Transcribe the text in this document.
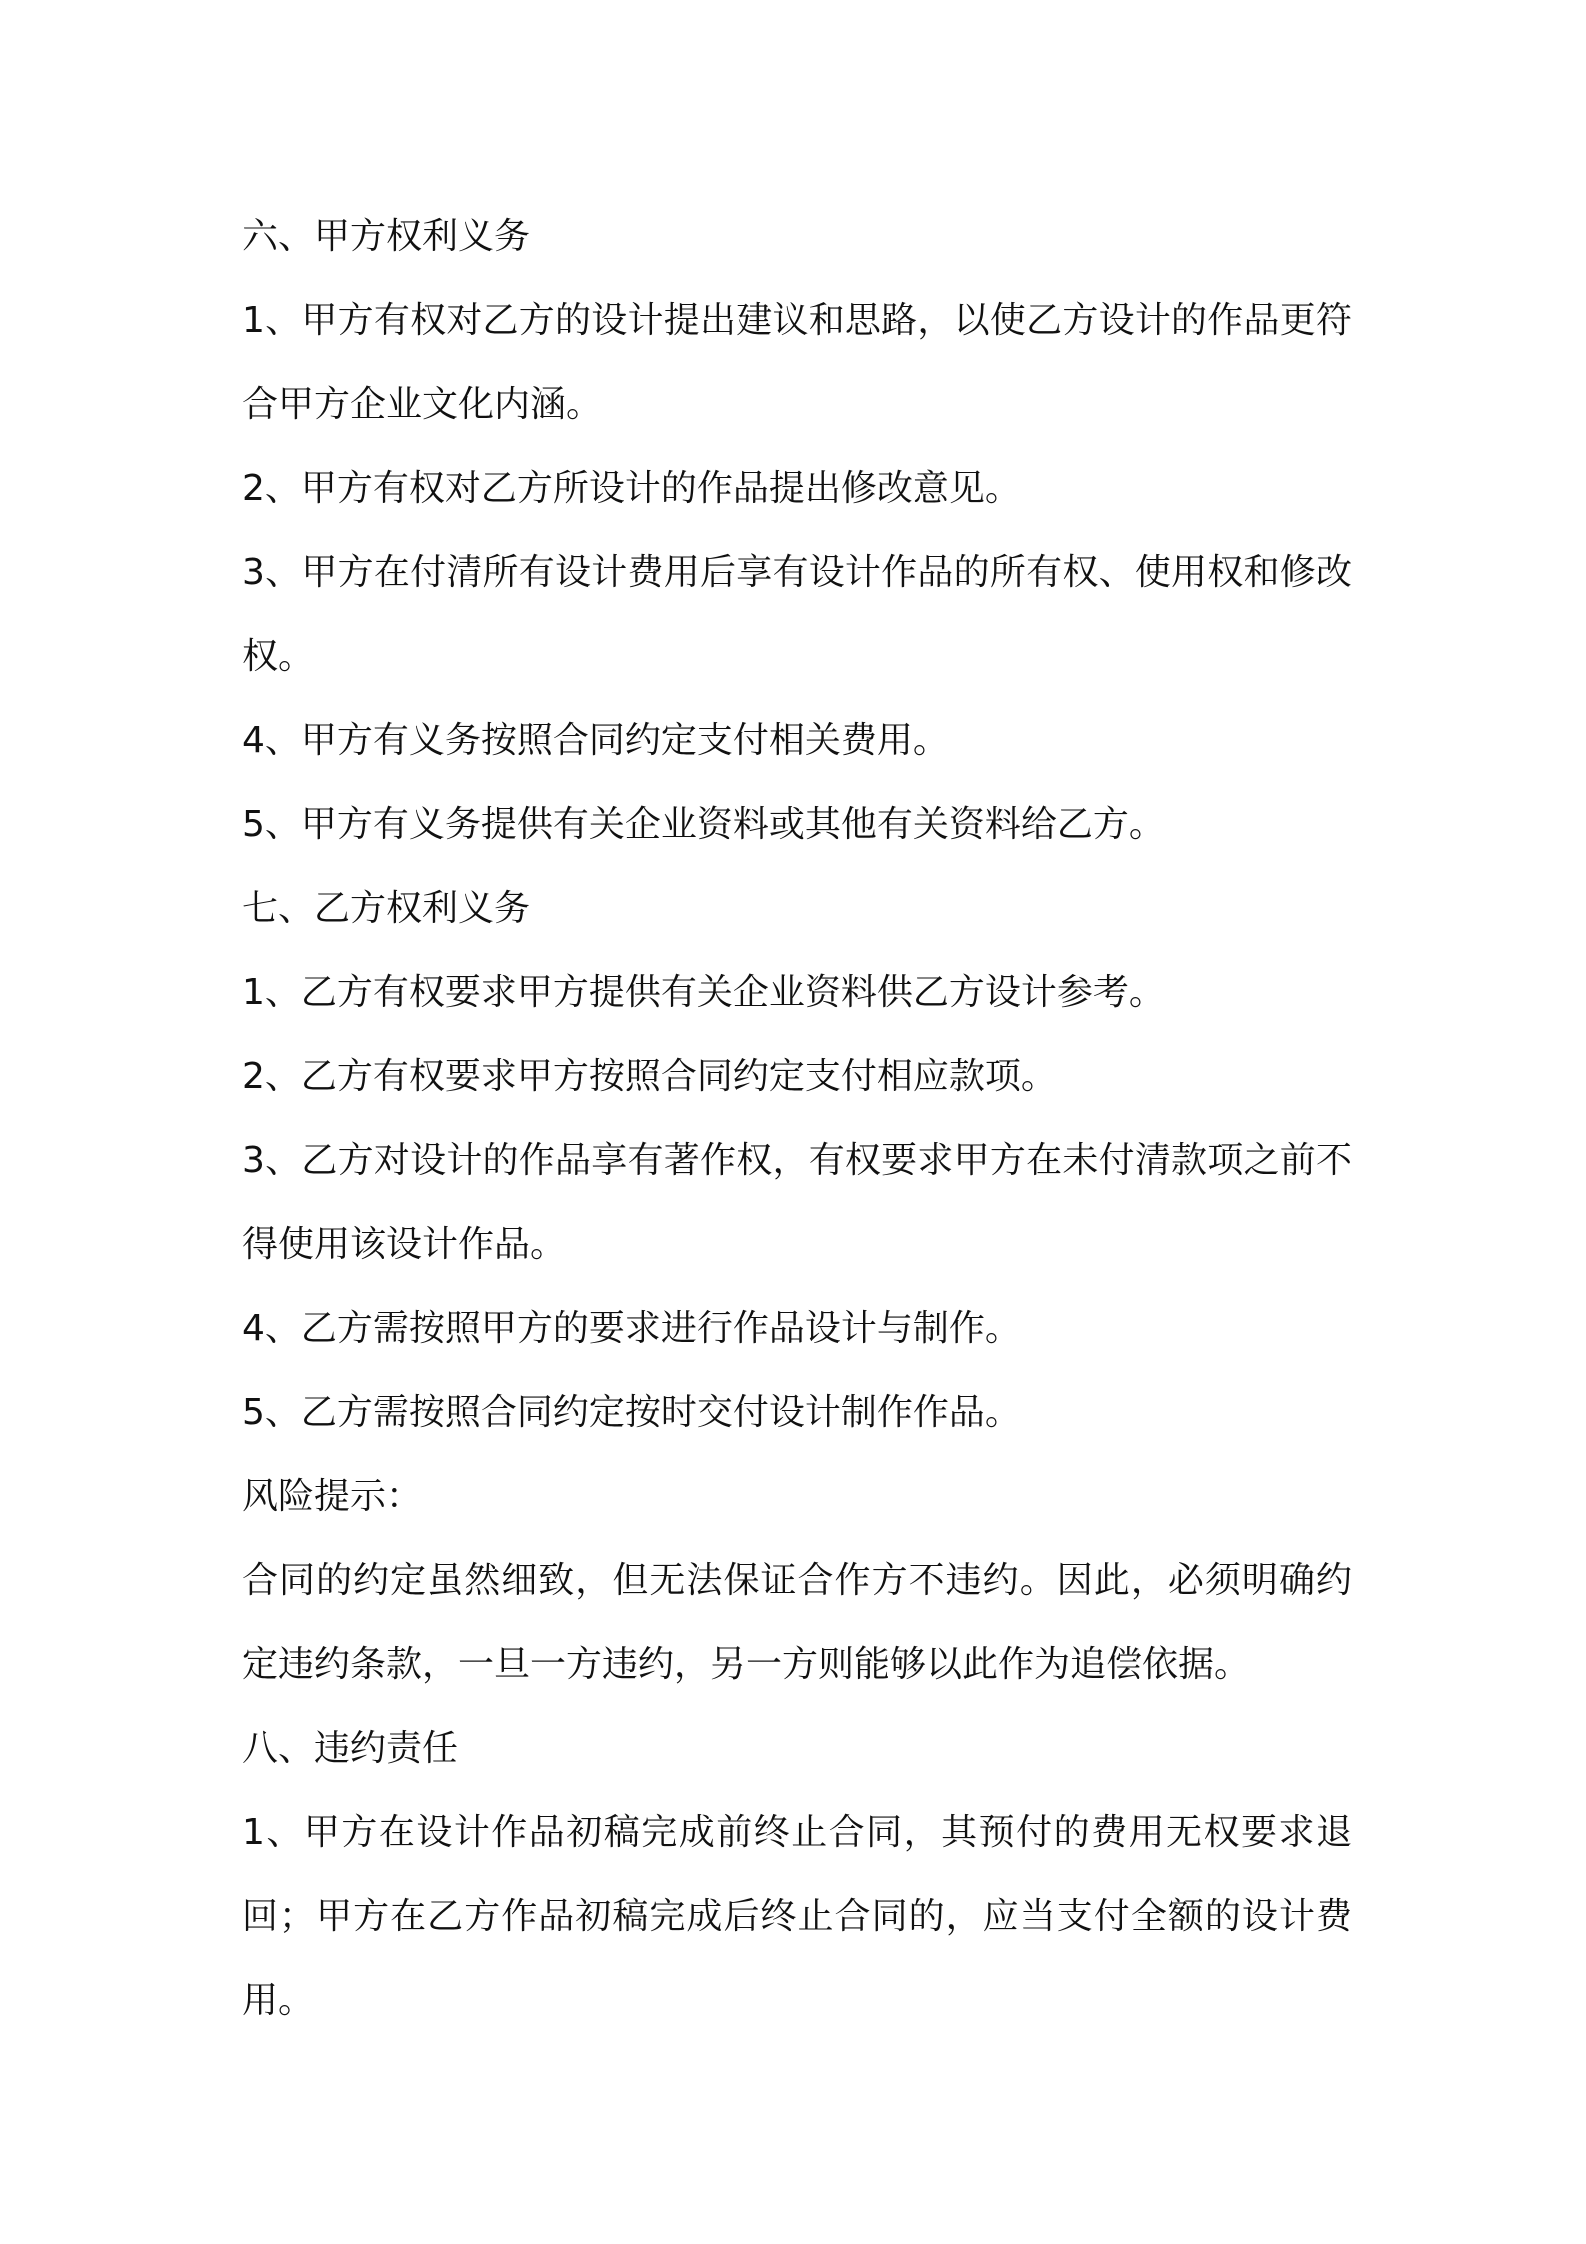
六、甲方权利义务

1、甲方有权对乙方的设计提出建议和思路，以使乙方设计的作品更符合甲方企业文化内涵。

2、甲方有权对乙方所设计的作品提出修改意见。

3、甲方在付清所有设计费用后享有设计作品的所有权、使用权和修改权。

4、甲方有义务按照合同约定支付相关费用。

5、甲方有义务提供有关企业资料或其他有关资料给乙方。

七、乙方权利义务

1、乙方有权要求甲方提供有关企业资料供乙方设计参考。

2、乙方有权要求甲方按照合同约定支付相应款项。

3、乙方对设计的作品享有著作权，有权要求甲方在未付清款项之前不得使用该设计作品。

4、乙方需按照甲方的要求进行作品设计与制作。

5、乙方需按照合同约定按时交付设计制作作品。

风险提示：

合同的约定虽然细致，但无法保证合作方不违约。因此，必须明确约定违约条款，一旦一方违约，另一方则能够以此作为追偿依据。

八、违约责任

1、甲方在设计作品初稿完成前终止合同，其预付的费用无权要求退回；甲方在乙方作品初稿完成后终止合同的，应当支付全额的设计费用。
